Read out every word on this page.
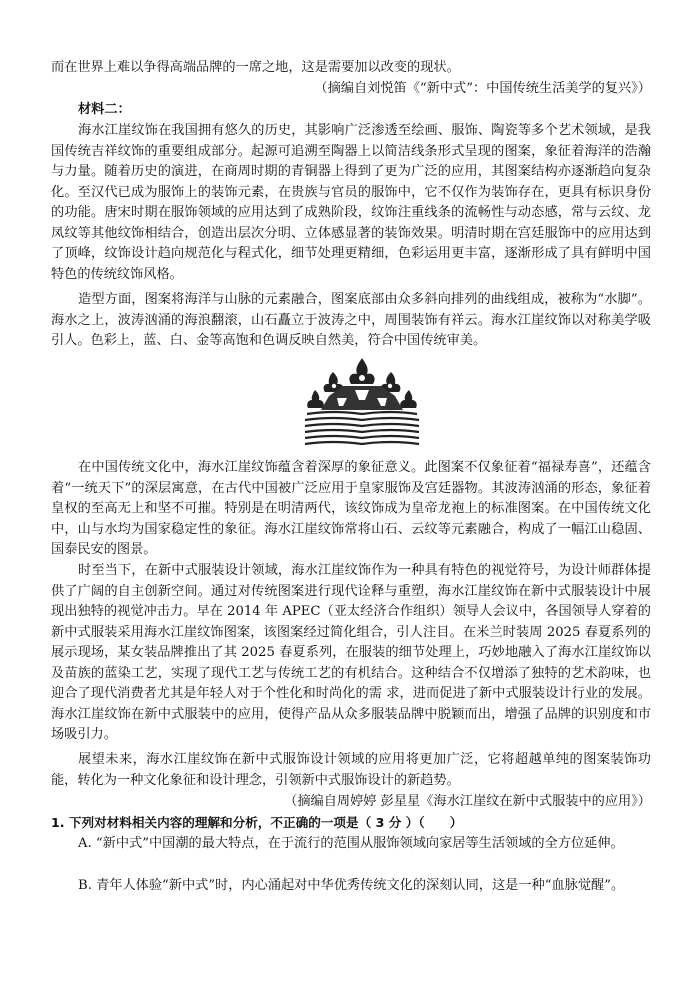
而在世界上难以争得高端品牌的一席之地，这是需要加以改变的现状。

（摘编自刘悦笛《“新中式”：中国传统生活美学的复兴》）

材料二：

海水江崖纹饰在我国拥有悠久的历史，其影响广泛渗透至绘画、服饰、陶瓷等多个艺术领域，是我国传统吉祥纹饰的重要组成部分。起源可追溯至陶器上以简洁线条形式呈现的图案，象征着海洋的浩瀚与力量。随着历史的演进，在商周时期的青铜器上得到了更为广泛的应用，其图案结构亦逐渐趋向复杂化。至汉代已成为服饰上的装饰元素，在贵族与官员的服饰中，它不仅作为装饰存在，更具有标识身份的功能。唐宋时期在服饰领域的应用达到了成熟阶段，纹饰注重线条的流畅性与动态感，常与云纹、龙凤纹等其他纹饰相结合，创造出层次分明、立体感显著的装饰效果。明清时期在宫廷服饰中的应用达到了顶峰，纹饰设计趋向规范化与程式化，细节处理更精细，色彩运用更丰富，逐渐形成了具有鲜明中国特色的传统纹饰风格。

造型方面，图案将海洋与山脉的元素融合，图案底部由众多斜向排列的曲线组成，被称为“水脚”。海水之上，波涛汹涌的海浪翻滚，山石矗立于波涛之中，周围装饰有祥云。海水江崖纹饰以对称美学吸引人。色彩上，蓝、白、金等高饱和色调反映自然美，符合中国传统审美。

在中国传统文化中，海水江崖纹饰蕴含着深厚的象征意义。此图案不仅象征着“福禄寿喜”，还蕴含着“一统天下”的深层寓意，在古代中国被广泛应用于皇家服饰及宫廷器物。其波涛汹涌的形态，象征着皇权的至高无上和坚不可摧。特别是在明清两代，该纹饰成为皇帝龙袍上的标准图案。在中国传统文化中，山与水均为国家稳定性的象征。海水江崖纹饰常将山石、云纹等元素融合，构成了一幅江山稳固、国泰民安的图景。

时至当下，在新中式服装设计领域，海水江崖纹饰作为一种具有特色的视觉符号，为设计师群体提供了广阔的自主创新空间。通过对传统图案进行现代诠释与重塑，海水江崖纹饰在新中式服装设计中展现出独特的视觉冲击力。早在 2014 年 APEC（亚太经济合作组织）领导人会议中，各国领导人穿着的新中式服装采用海水江崖纹饰图案，该图案经过简化组合，引人注目。在米兰时装周 2025 春夏系列的展示现场，某女装品牌推出了其 2025 春夏系列，在服装的细节处理上，巧妙地融入了海水江崖纹饰以及苗族的蓝染工艺，实现了现代工艺与传统工艺的有机结合。这种结合不仅增添了独特的艺术韵味，也迎合了现代消费者尤其是年轻人对于个性化和时尚化的需 求，进而促进了新中式服装设计行业的发展。海水江崖纹饰在新中式服装中的应用，使得产品从众多服装品牌中脱颖而出，增强了品牌的识别度和市场吸引力。

展望未来，海水江崖纹饰在新中式服饰设计领域的应用将更加广泛，它将超越单纯的图案装饰功能，转化为一种文化象征和设计理念，引领新中式服饰设计的新趋势。

（摘编自周婷婷 彭星星《海水江崖纹在新中式服装中的应用》）

1. 下列对材料相关内容的理解和分析，不正确的一项是（ 3 分 ）（　　）

A. “新中式”中国潮的最大特点，在于流行的范围从服饰领域向家居等生活领域的全方位延伸。

B. 青年人体验“新中式”时，内心涌起对中华优秀传统文化的深刻认同，这是一种“血脉觉醒”。
